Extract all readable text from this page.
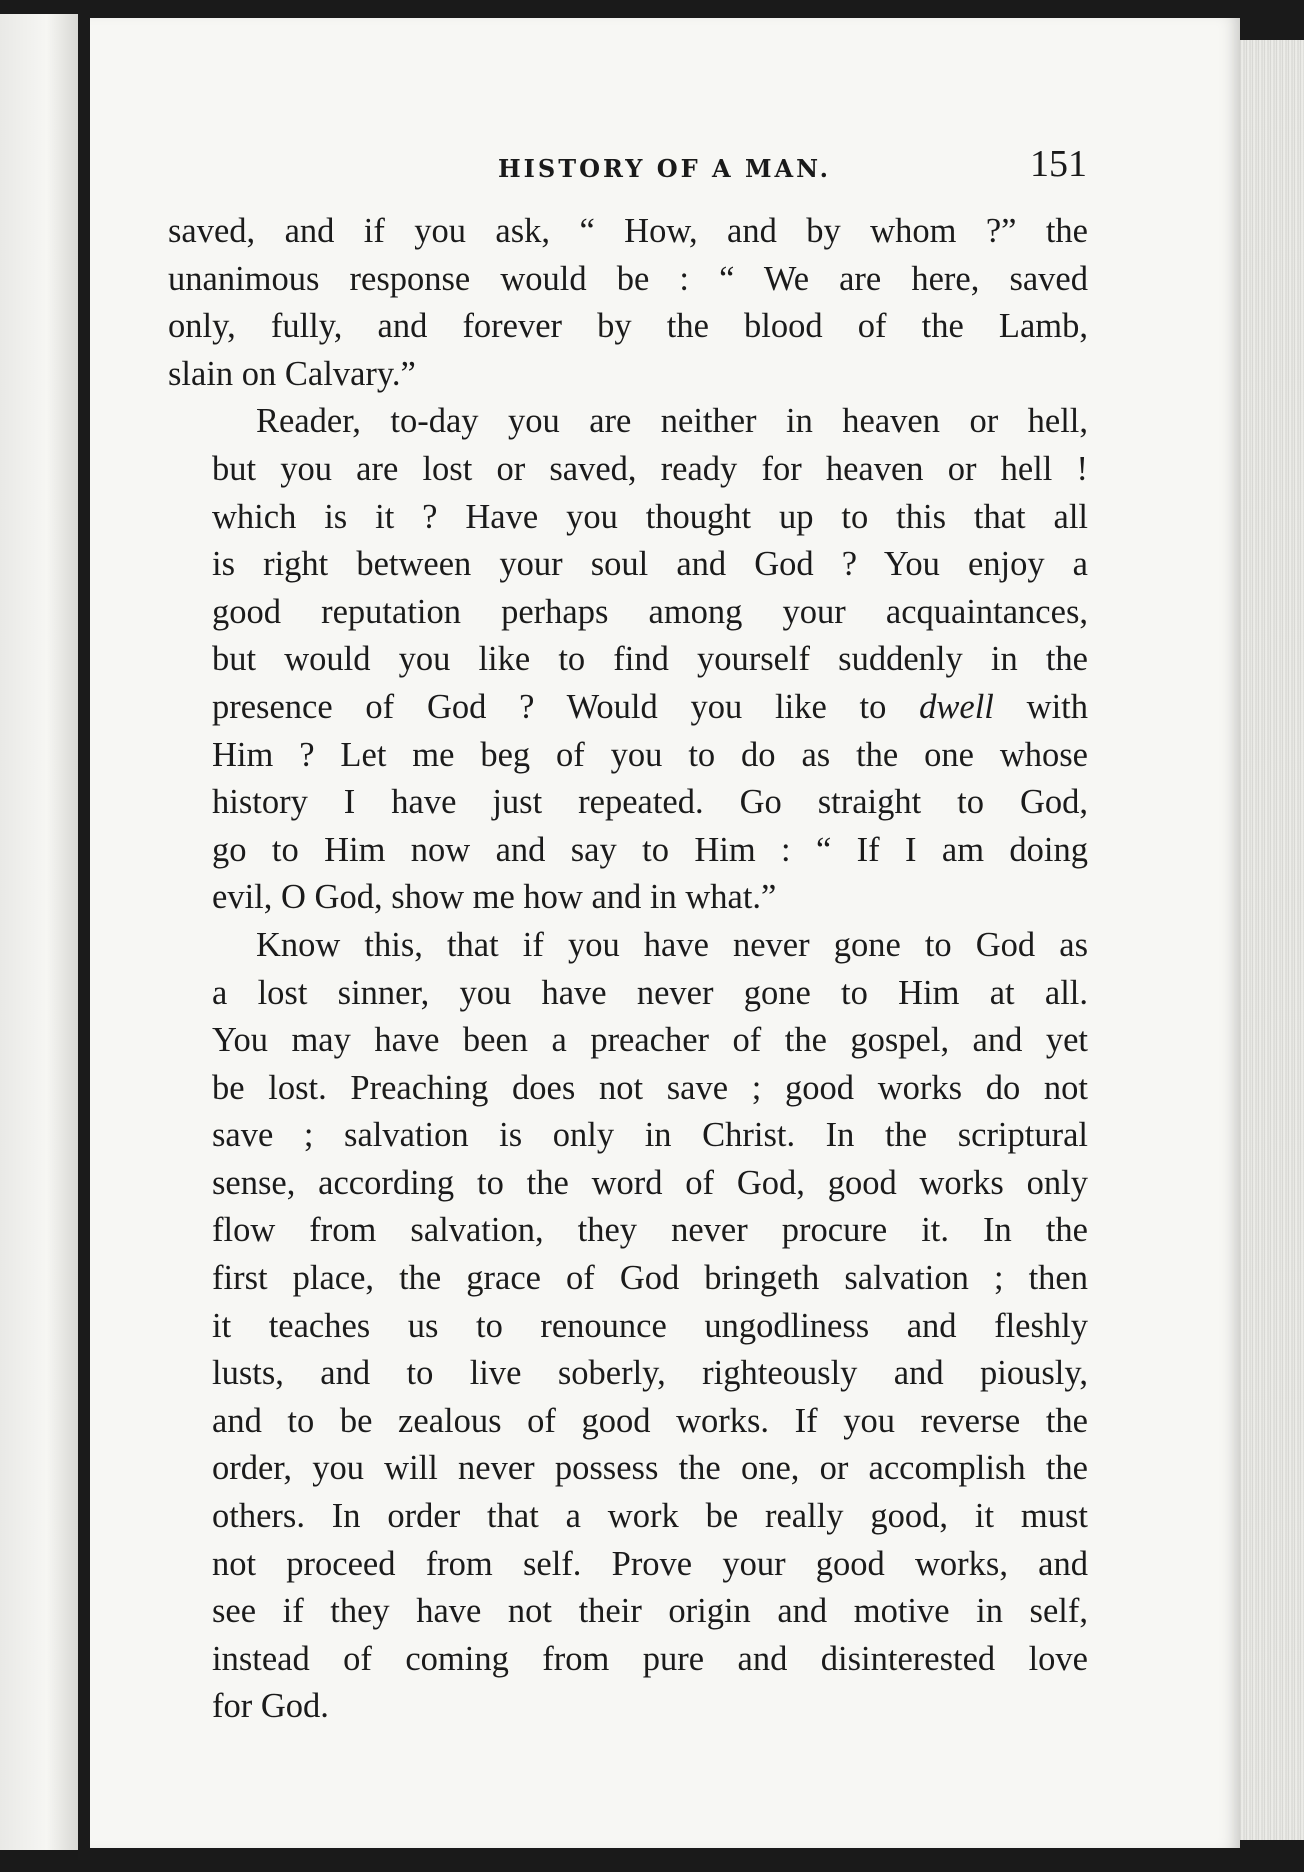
HISTORY OF A MAN.	151

saved, and if you ask, “ How, and by whom ?” the
unanimous response would be : “ We are here, saved
only, fully, and forever by the blood of the Lamb,
slain on Calvary.”

Reader, to-day you are neither in heaven or hell,
but you are lost or saved, ready for heaven or hell !
which is it ? Have you thought up to this that all
is right between your soul and God ? You enjoy a
good reputation perhaps among your acquaintances,
but would you like to find yourself suddenly in the
presence of God ? Would you like to dwell with
Him ? Let me beg of you to do as the one whose
history I have just repeated. Go straight to God,
go to Him now and say to Him : “ If I am doing
evil, O God, show me how and in what.”

Know this, that if you have never gone to God as
a lost sinner, you have never gone to Him at all.
You may have been a preacher of the gospel, and yet
be lost. Preaching does not save ; good works do not
save ; salvation is only in Christ. In the scriptural
sense, according to the word of God, good works only
flow from salvation, they never procure it. In the
first place, the grace of God bringeth salvation ; then
it teaches us to renounce ungodliness and fleshly
lusts, and to live soberly, righteously and piously,
and to be zealous of good works. If you reverse the
order, you will never possess the one, or accomplish the
others. In order that a work be really good, it must
not proceed from self. Prove your good works, and
see if they have not their origin and motive in self,
instead of coming from pure and disinterested love
for God.
